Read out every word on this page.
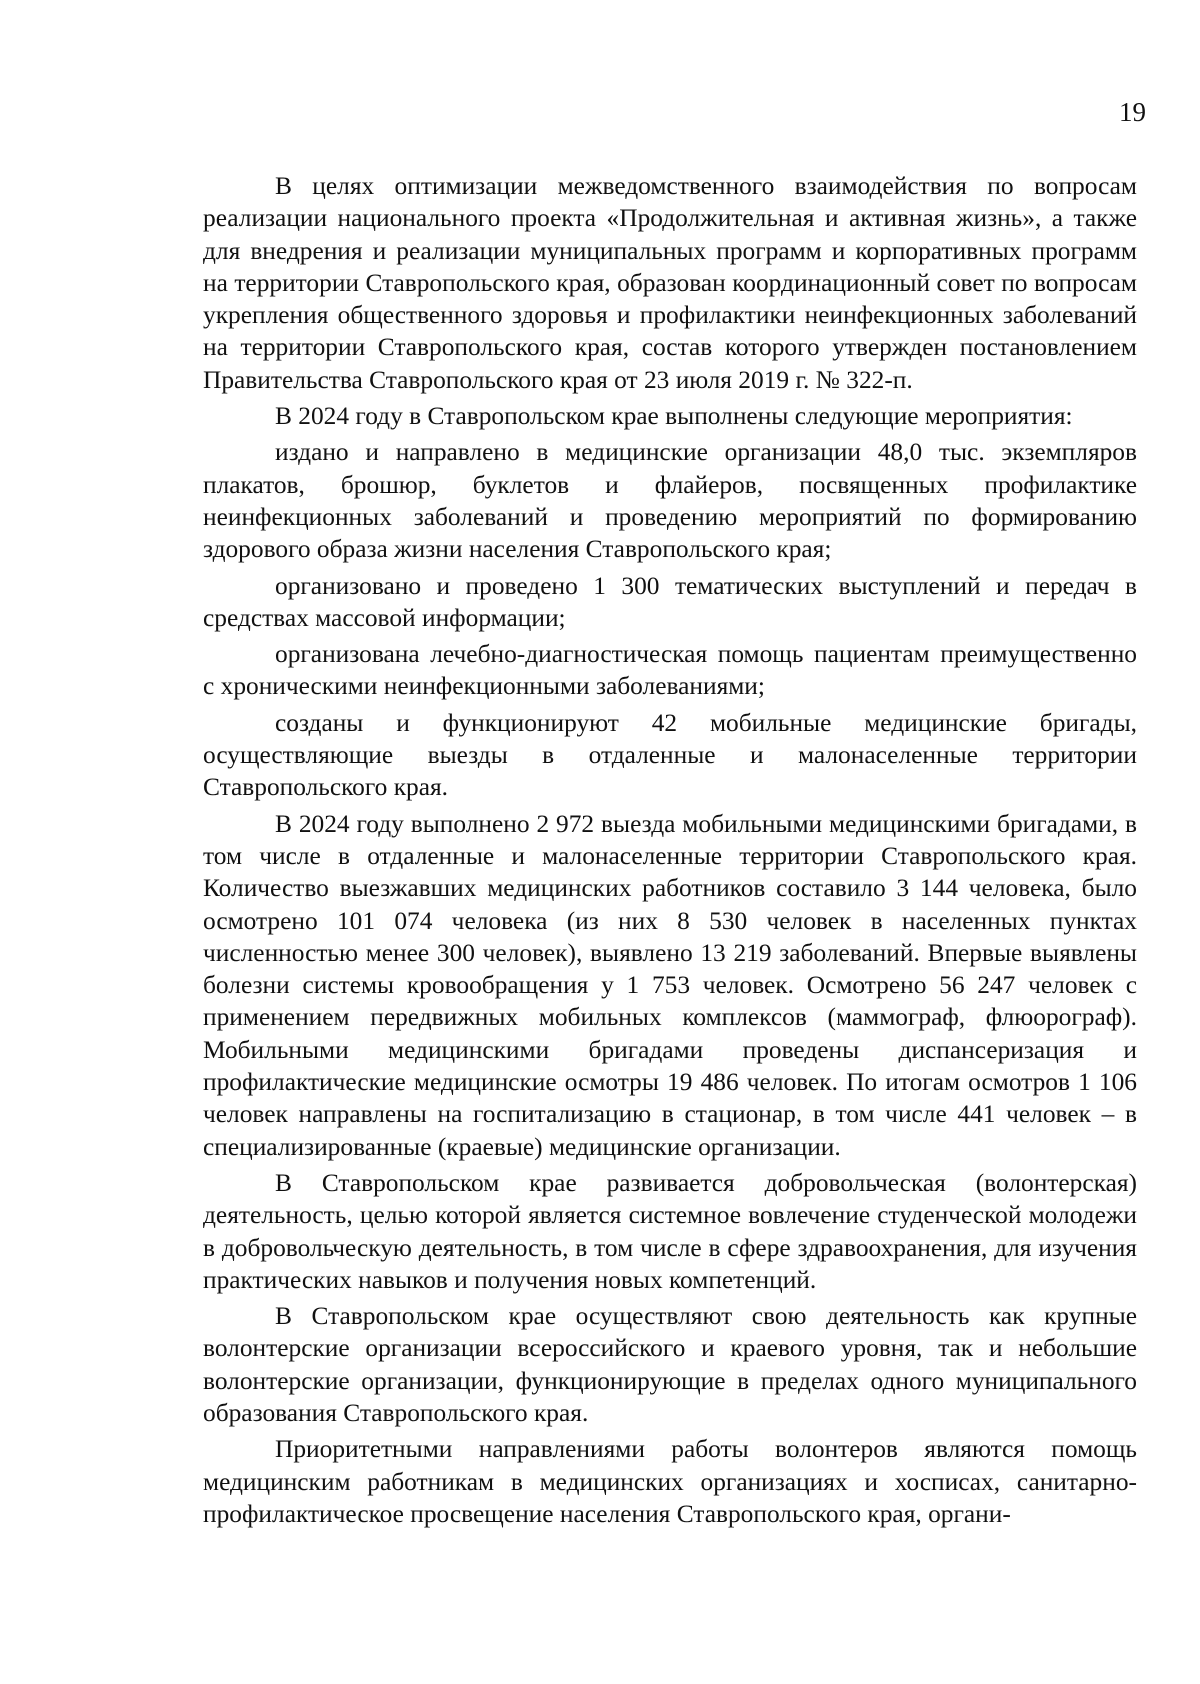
19

В целях оптимизации межведомственного взаимодействия по вопросам реализации национального проекта «Продолжительная и активная жизнь», а также для внедрения и реализации муниципальных программ и корпоративных программ на территории Ставропольского края, образован координационный совет по вопросам укрепления общественного здоровья и профилактики неинфекционных заболеваний на территории Ставропольского края, состав которого утвержден постановлением Правительства Ставропольского края от 23 июля 2019 г. № 322-п.

В 2024 году в Ставропольском крае выполнены следующие мероприятия:

издано и направлено в медицинские организации 48,0 тыс. экземпляров плакатов, брошюр, буклетов и флайеров, посвященных профилактике неинфекционных заболеваний и проведению мероприятий по формированию здорового образа жизни населения Ставропольского края;

организовано и проведено 1 300 тематических выступлений и передач в средствах массовой информации;

организована лечебно-диагностическая помощь пациентам преимущественно с хроническими неинфекционными заболеваниями;

созданы и функционируют 42 мобильные медицинские бригады, осуществляющие выезды в отдаленные и малонаселенные территории Ставропольского края.

В 2024 году выполнено 2 972 выезда мобильными медицинскими бригадами, в том числе в отдаленные и малонаселенные территории Ставропольского края. Количество выезжавших медицинских работников составило 3 144 человека, было осмотрено 101 074 человека (из них 8 530 человек в населенных пунктах численностью менее 300 человек), выявлено 13 219 заболеваний. Впервые выявлены болезни системы кровообращения у 1 753 человек. Осмотрено 56 247 человек с применением передвижных мобильных комплексов (маммограф, флюорограф). Мобильными медицинскими бригадами проведены диспансеризация и профилактические медицинские осмотры 19 486 человек. По итогам осмотров 1 106 человек направлены на госпитализацию в стационар, в том числе 441 человек – в специализированные (краевые) медицинские организации.

В Ставропольском крае развивается добровольческая (волонтерская) деятельность, целью которой является системное вовлечение студенческой молодежи в добровольческую деятельность, в том числе в сфере здравоохранения, для изучения практических навыков и получения новых компетенций.

В Ставропольском крае осуществляют свою деятельность как крупные волонтерские организации всероссийского и краевого уровня, так и небольшие волонтерские организации, функционирующие в пределах одного муниципального образования Ставропольского края.

Приоритетными направлениями работы волонтеров являются помощь медицинским работникам в медицинских организациях и хосписах, санитарно-профилактическое просвещение населения Ставропольского края, органи-
